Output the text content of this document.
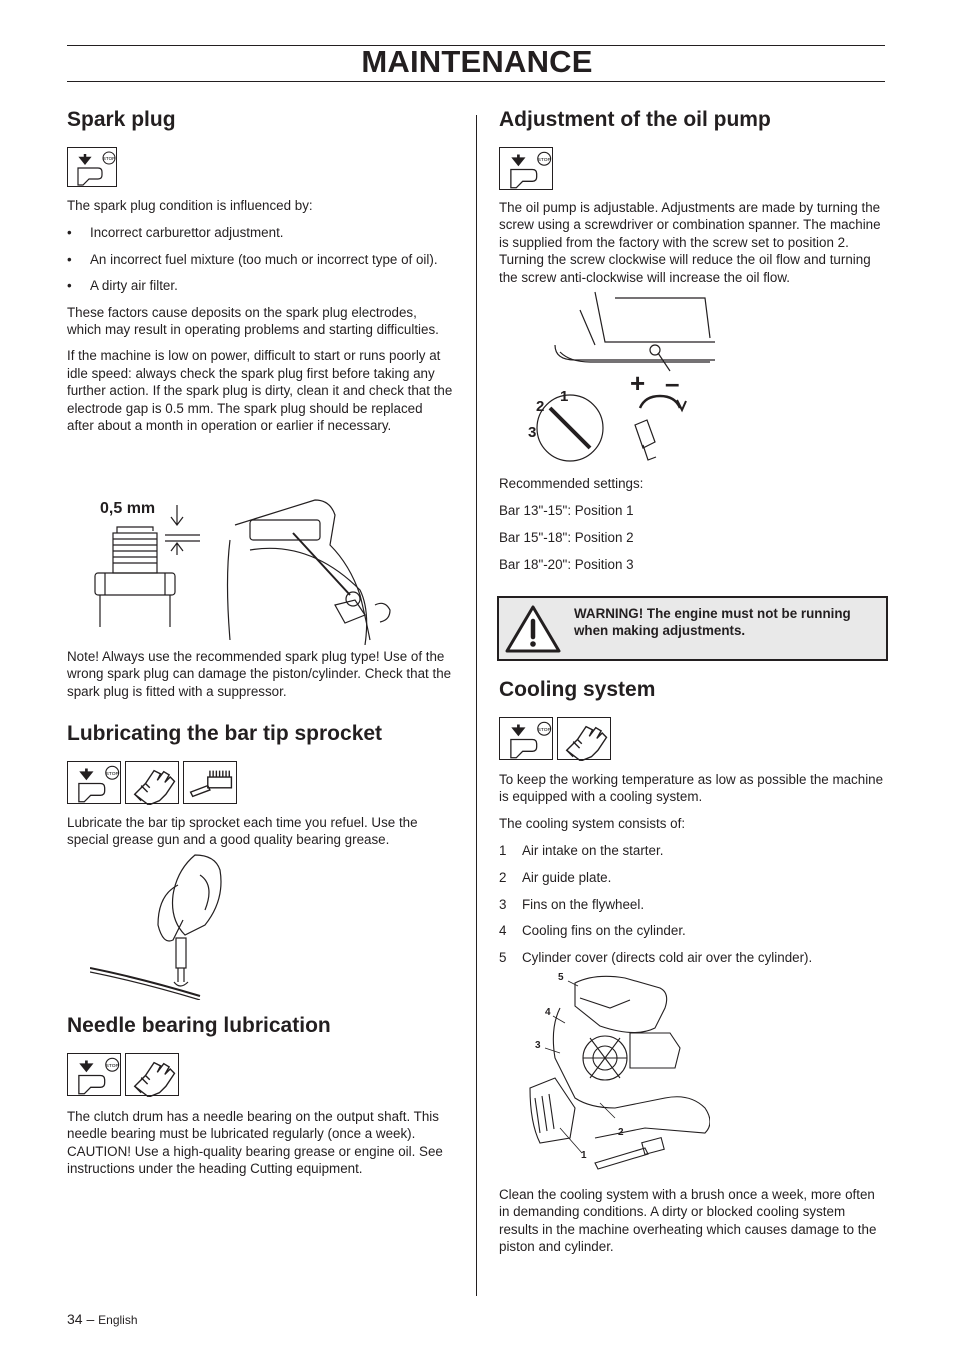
MAINTENANCE
Spark plug
STOP

The spark plug condition is influenced by:

• Incorrect carburettor adjustment.
• An incorrect fuel mixture (too much or incorrect type of oil).
• A dirty air filter.

These factors cause deposits on the spark plug electrodes, which may result in operating problems and starting difficulties.

If the machine is low on power, difficult to start or runs poorly at idle speed: always check the spark plug first before taking any further action. If the spark plug is dirty, clean it and check that the electrode gap is 0.5 mm. The spark plug should be replaced after about a month in operation or earlier if necessary.

0,5 mm

Note! Always use the recommended spark plug type! Use of the wrong spark plug can damage the piston/cylinder. Check that the spark plug is fitted with a suppressor.

Lubricating the bar tip sprocket
STOP

Lubricate the bar tip sprocket each time you refuel. Use the special grease gun and a good quality bearing grease.

Needle bearing lubrication
STOP

The clutch drum has a needle bearing on the output shaft. This needle bearing must be lubricated regularly (once a week). CAUTION! Use a high-quality bearing grease or engine oil. See instructions under the heading Cutting equipment.

Adjustment of the oil pump
STOP

The oil pump is adjustable. Adjustments are made by turning the screw using a screwdriver or combination spanner. The machine is supplied from the factory with the screw set to position 2. Turning the screw clockwise will reduce the oil flow and turning the screw anti-clockwise will increase the oil flow.

1
2
3
+ –

Recommended settings:

Bar 13"-15": Position 1

Bar 15"-18": Position 2

Bar 18"-20": Position 3

WARNING! The engine must not be running when making adjustments.
Cooling system
STOP

To keep the working temperature as low as possible the machine is equipped with a cooling system.

The cooling system consists of:

1 Air intake on the starter.
2 Air guide plate.
3 Fins on the flywheel.
4 Cooling fins on the cylinder.
5 Cylinder cover (directs cold air over the cylinder).
5
4
3
2
1

Clean the cooling system with a brush once a week, more often in demanding conditions. A dirty or blocked cooling system results in the machine overheating which causes damage to the piston and cylinder.

34 – English
